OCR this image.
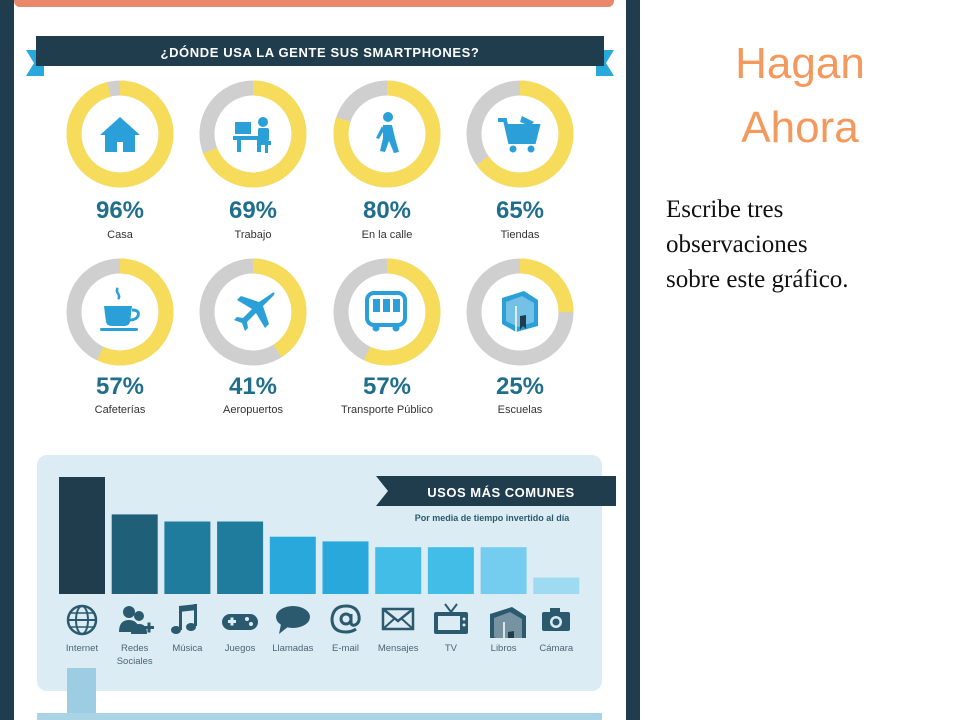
¿DÓNDE USA LA GENTE SUS SMARTPHONES?
96%
Casa
69%
Trabajo
80%
En la calle
65%
Tiendas
57%
Cafeterías
41%
Aeropuertos
57%
Transporte Público
25%
Escuelas
USOS MÁS COMUNES
Por media de tiempo invertido al día
Internet	Redes
Sociales
Música	Juegos	Llamadas	E-mail	Mensajes	TV	Libros	Cámara
Hagan
Ahora
Escribe tres
observaciones
sobre este gráfico.
